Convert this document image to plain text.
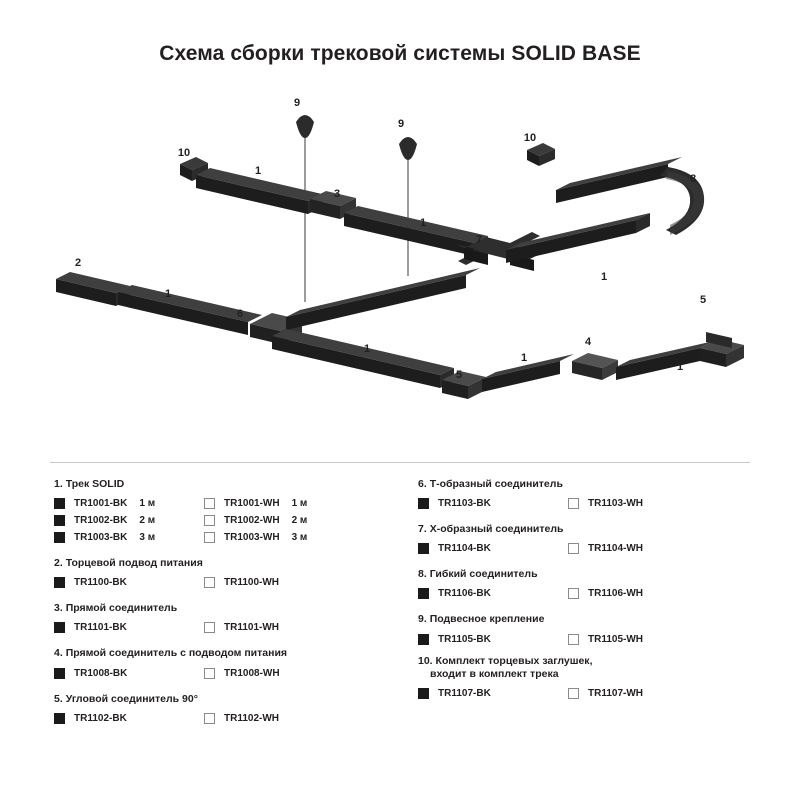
Схема сборки трековой системы SOLID BASE
9
9
10
10
1
3
8
1
7
2
1
1
5
6
1
5
1
4
1
1. Трек SOLID
TR1001-BK 1 м	TR1001-WH 1 м
TR1002-BK 2 м	TR1002-WH 2 м
TR1003-BK 3 м	TR1003-WH 3 м
2. Торцевой подвод питания
TR1100-BK	TR1100-WH
3. Прямой соединитель
TR1101-BK	TR1101-WH
4. Прямой соединитель с подводом питания
TR1008-BK	TR1008-WH
5. Угловой соединитель 90°
TR1102-BK	TR1102-WH
6. Т-образный соединитель
TR1103-BK	TR1103-WH
7. Х-образный соединитель
TR1104-BK	TR1104-WH
8. Гибкий соединитель
TR1106-BK	TR1106-WH
9. Подвесное крепление
TR1105-BK	TR1105-WH
10. Комплект торцевых заглушек,
входит в комплект трека
TR1107-BK	TR1107-WH
